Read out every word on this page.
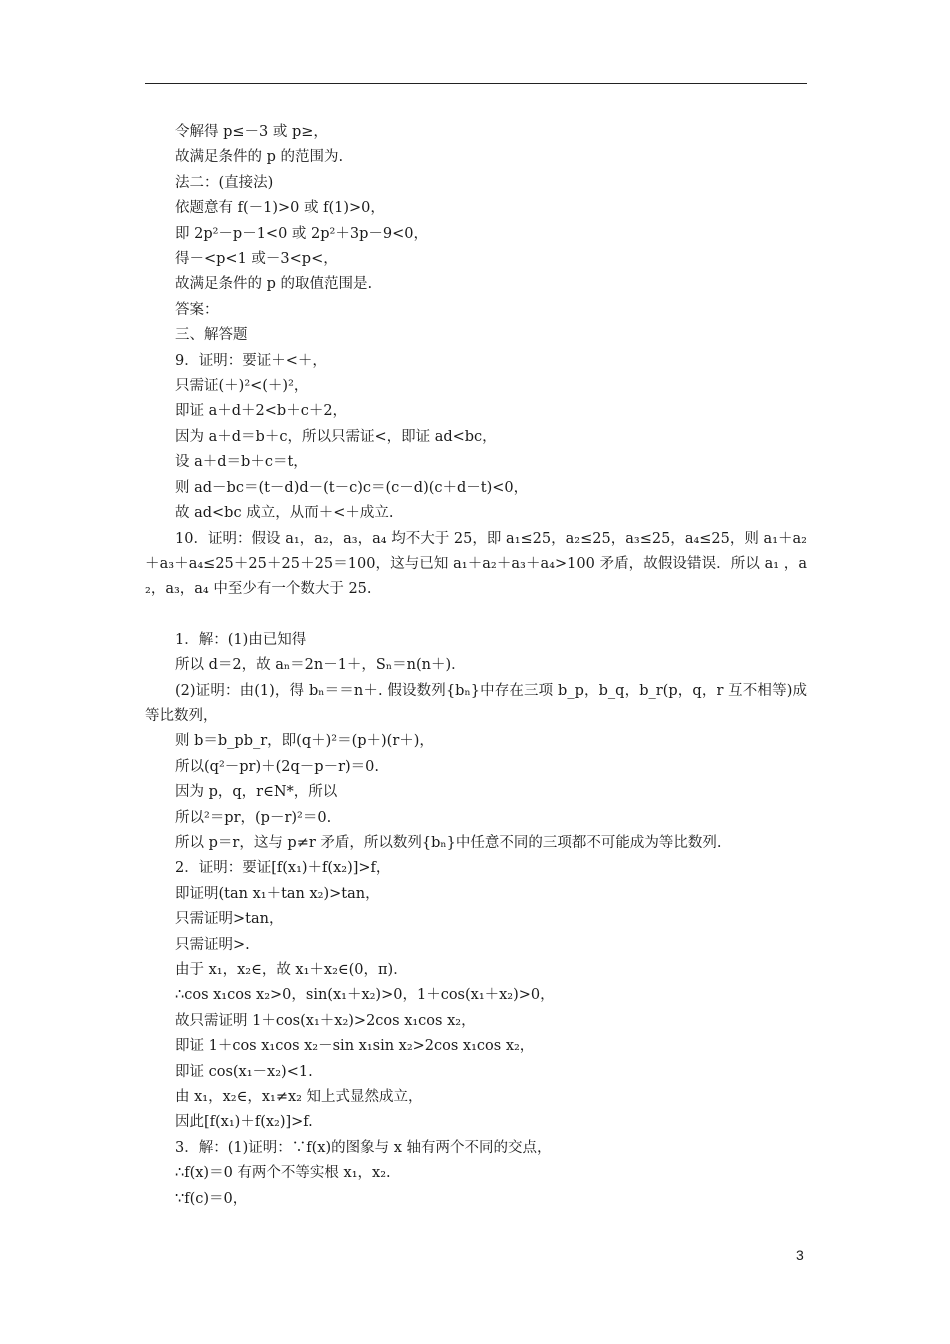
令解得 p≤－3 或 p≥，
故满足条件的 p 的范围为.
法二：(直接法)
依题意有 f(－1)>0 或 f(1)>0，
即 2p²－p－1<0 或 2p²＋3p－9<0，
得－<p<1 或－3<p<，
故满足条件的 p 的取值范围是.
答案：
三、解答题
9．证明：要证＋<＋，
只需证(＋)²<(＋)²，
即证 a＋d＋2<b＋c＋2，
因为 a＋d＝b＋c，所以只需证<，即证 ad<bc，
设 a＋d＝b＋c＝t，
则 ad－bc＝(t－d)d－(t－c)c＝(c－d)(c＋d－t)<0，
故 ad<bc 成立，从而＋<＋成立.
10．证明：假设 a₁，a₂，a₃，a₄ 均不大于 25，即 a₁≤25，a₂≤25，a₃≤25，a₄≤25，则 a₁＋a₂＋a₃＋a₄≤25＋25＋25＋25＝100，这与已知 a₁＋a₂＋a₃＋a₄>100 矛盾，故假设错误．所以 a₁ ，a ₂，a₃，a₄ 中至少有一个数大于 25.
1．解：(1)由已知得
所以 d＝2，故 aₙ＝2n－1＋，Sₙ＝n(n＋)．
(2)证明：由(1)，得 bₙ＝＝n＋. 假设数列{bₙ}中存在三项 b_p，b_q，b_r(p，q，r 互不相等)成等比数列，
则 b＝b_pb_r，即(q＋)²＝(p＋)(r＋)，
所以(q²－pr)＋(2q－p－r)＝0.
因为 p，q，r∈N*，所以
所以²＝pr，(p－r)²＝0.
所以 p＝r，这与 p≠r 矛盾，所以数列{bₙ}中任意不同的三项都不可能成为等比数列.
2．证明：要证[f(x₁)＋f(x₂)]>f，
即证明(tan x₁＋tan x₂)>tan，
只需证明>tan，
只需证明>.
由于 x₁，x₂∈，故 x₁＋x₂∈(0，π)．
∴cos x₁cos x₂>0，sin(x₁＋x₂)>0，1＋cos(x₁＋x₂)>0，
故只需证明 1＋cos(x₁＋x₂)>2cos x₁cos x₂，
即证 1＋cos x₁cos x₂－sin x₁sin x₂>2cos x₁cos x₂，
即证 cos(x₁－x₂)<1.
由 x₁，x₂∈，x₁≠x₂ 知上式显然成立，
因此[f(x₁)＋f(x₂)]>f.
3．解：(1)证明：∵f(x)的图象与 x 轴有两个不同的交点，
∴f(x)＝0 有两个不等实根 x₁，x₂.
∵f(c)＝0，
3
